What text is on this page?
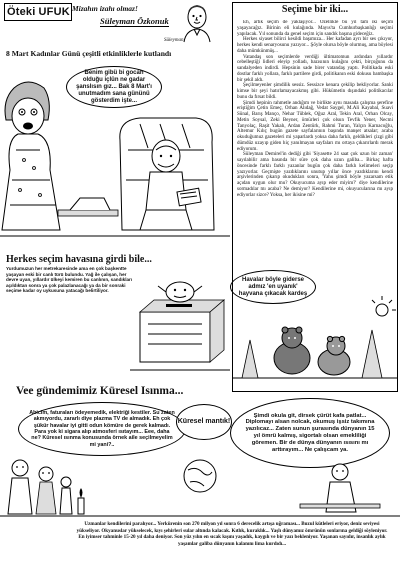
Öteki UFUK Mizahın izahı olmaz!
Süleyman Özkonuk
Süleyman
8 Mart Kadınlar Günü çeşitli etkinliklerle kutlandı
Benim gibü bi gocan olduğu içlün ne gadar şanslısın gız... Bak 8 Mart'ı unutmadım sana gününü gösterdim işte...
Herkes seçim havasına girdi bile...
Yurdumuzun her metrekaresinde ama en çok başkentte yaşayan eski bir canlı türü bulundu. Yağ ile çalışan, her devre uyan, yıllardır ülkeyi kemiren bu canlının, sandıkları açıldıktan sonra ya çok palazlanacağı ya da bir sonraki seçime kadar oy uykusuna yatacağı belirtiliyor.
Havalar böyle giderse admız 'en uyanık' hayvana çıkacak kardeş
Vee gündemimiz Küresel Isınma...
Abicim, faturaları ödeyemedik, elektriği kestiler. Su zaten akmıyordu, zararlı diye plazma TV de almadık. Eh çok şükür havalar iyi gitti odun kömüre de gerek kalmadı. Para yok ki sigara alıp atmosferi ısıtayım... Eee, daha ne? Küresel ısınma konusunda örnek aile seçilmeyelim mi yani?..
Küresel mantık!
Şimdi okula git, dirsek çürüt kafa patlat... Diplomayı alsan nolcak, okumuş işsiz takımına yazılıcaz... Zaten sunun şurasında dünyanın 15 yıl ömrü kalmış, sigortalı olsan emekliliği göremen. Bir de dünya dünyanın ısısını mı arttırayım... Ne çalışcam ya.
Uzmanlar kendilerini paralıyor... Yerkürenin son 270 milyon yıl sonra 6 derecelik artışa uğraması... Buzul kütleleri eriyor, deniz seviyesi yükseliyor. Okyanuslar yükselecek, kıyı şehirleri sular altında kalacak. Kıtlık, kuraklık... Yaşlı dünyamız ömrünün sonlarına geldiği söyleniyor. En iyimser tahminle 15-20 yıl daha deniyor. Son yüz yılın en sıcak kışını yaşadık, kaygılı ve bir yazı bekleniyor. Yaşanan sayıdır, insanlık aylık yaşamlar galiba dünyanın kalanını lima kurdıdı...
Seçime bir iki...

Eh, artık seçim de yaklaşıyor... Özellikle bu yıl tam iki seçim yaşayacağız. Birinin eli kulağında. Mayıs'ta Cumhurbaşkanlığı seçimi yapılacak. Yıl sonunda da genel seçim için sandık başına gideceğiz.

Herkes siyaset bilirci kesildi başımıza... Her kafadan ayrı bir ses çıkıyor, herkes kendi senaryosunu yazıyor... Şöyle olursa böyle olurmuş, ama böylesi daha mümkünmüş...

Vatandaş son seçimlerde verdiği ültimatomun ardından yıllardır cebelleştiği lidleri eleyip yolladı, bazısının kulağını çekti, birçoğunu da sandalyeden indirdi. Hepsinin sade birer vatandaş yaptı. Politikada eski dostlar farklı yollara, farklı partilere girdi, politikanın eski dokusu bambaşka bir şekil aldı.

Şeçilmeyenler şimdilik sessiz. Sessizce kenara çekilip bekliyorlar. Sanki kimse bir şeyi hatırlamayacakmış gibi. Hükümetin dışındaki politikacılar bunu da fırsat bildi.

Şimdi hepinin rahmetle andığım ve birlikte aynı masada çalışma şerefine eriştiğim Çetin Emeç, Orhan Alıdağ, Vedat Saygel, M.Ali Kayabal, Suavi Sünal, Barış Manço, Nehar Tüblek, Oğuz Aral, Tekin Aral, Orhan Olcay, Metin Soysal, Zeki Beyner, ömürleri çok olsun Tevfik Yener, Necmi Tanyolaç, Raşit Yakalı, Ardan Zentürk, Rahmi Turan, Yalçın Karnacoğlu, Altemur Kılıç bugün gazete sayfalarının başında manşet atsalar; acaba okuduğumuz gazeteleri mi yaparlardı yoksa daha farklı, geldikleri çizgi gibi dümdüz uzayıp giden hiç yanılmayan sayfaları mı ortaya çıkarırlardı merak ediyorum.

Süleyman Demirel'in dediği gibi 'Siyasette 24 saat çok uzun bir zaman' sayılabilir ama basında bir süre çok daha uzun galiba... Birkaç hafta öncesinde farklı farklı yazanlar bugün çok daha farklı kelimeleri seçip yazıyorlar. Geçmişte yazdıklarını unutup yıllar önce yazdıklarını kendi arşivlerinden çıkarıp okudukları sonra, 'Yahu şimdi böyle yazarsam etik açıdan uygun olur mu? Okuyucuma ayıp eder miyim?' diye kendilerine sormadılar mı acaba? Ne demiyor? Kendilerine mi, okuyucularına mı ayıp ediyorlar sizce? Yoksa, her ikisine mi?
